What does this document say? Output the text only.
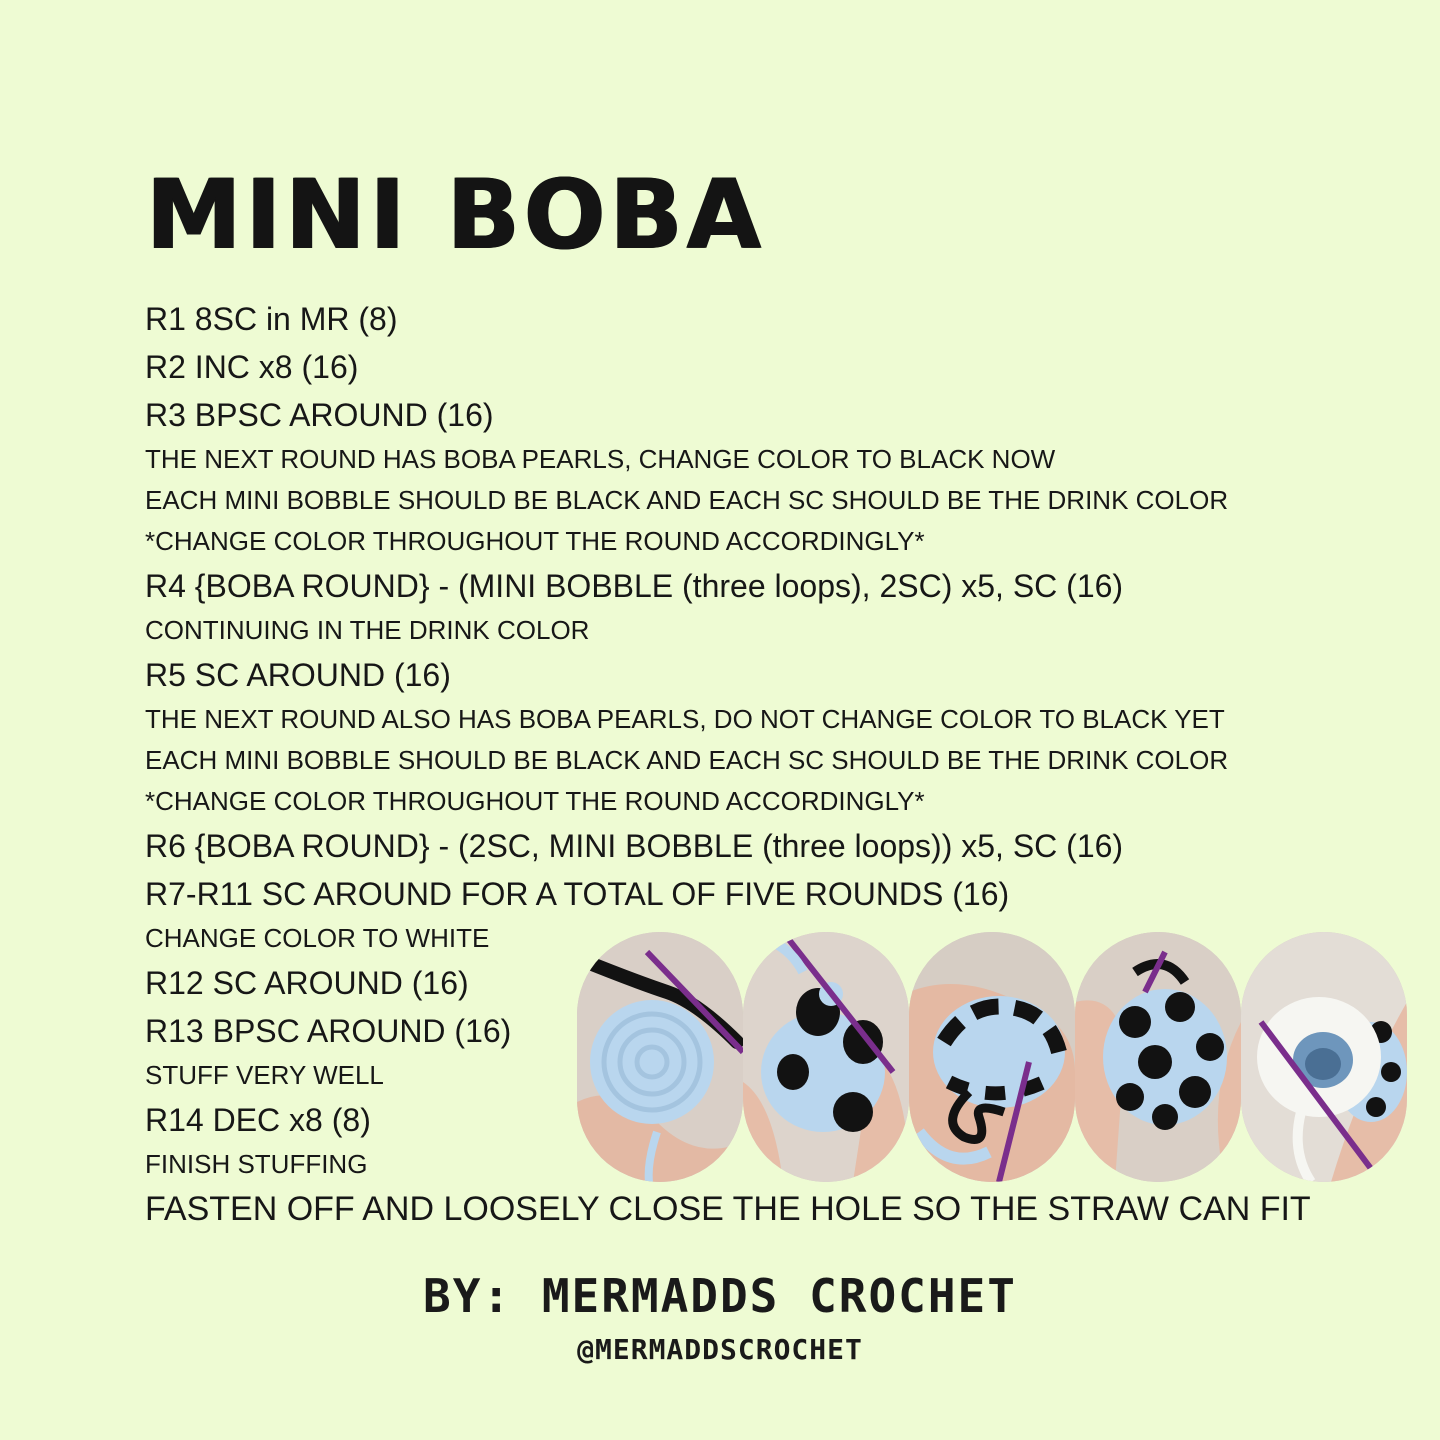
MINI BOBA
R1 8SC in MR (8)
R2 INC x8 (16)
R3 BPSC AROUND (16)
THE NEXT ROUND HAS BOBA PEARLS, CHANGE COLOR TO BLACK NOW
EACH MINI BOBBLE SHOULD BE BLACK AND EACH SC SHOULD BE THE DRINK COLOR
*CHANGE COLOR THROUGHOUT THE ROUND ACCORDINGLY*
R4 {BOBA ROUND} - (MINI BOBBLE (three loops), 2SC) x5, SC (16)
CONTINUING IN THE DRINK COLOR
R5 SC AROUND (16)
THE NEXT ROUND ALSO HAS BOBA PEARLS, DO NOT CHANGE COLOR TO BLACK YET
EACH MINI BOBBLE SHOULD BE BLACK AND EACH SC SHOULD BE THE DRINK COLOR
*CHANGE COLOR THROUGHOUT THE ROUND ACCORDINGLY*
R6 {BOBA ROUND} - (2SC, MINI BOBBLE (three loops)) x5, SC (16)
R7-R11 SC AROUND FOR A TOTAL OF FIVE ROUNDS (16)
CHANGE COLOR TO WHITE
R12 SC AROUND (16)
R13 BPSC AROUND (16)
STUFF VERY WELL
R14 DEC x8 (8)
FINISH STUFFING
FASTEN OFF AND LOOSELY CLOSE THE HOLE SO THE STRAW CAN FIT
BY: MERMADDS CROCHET
@MERMADDSCROCHET
